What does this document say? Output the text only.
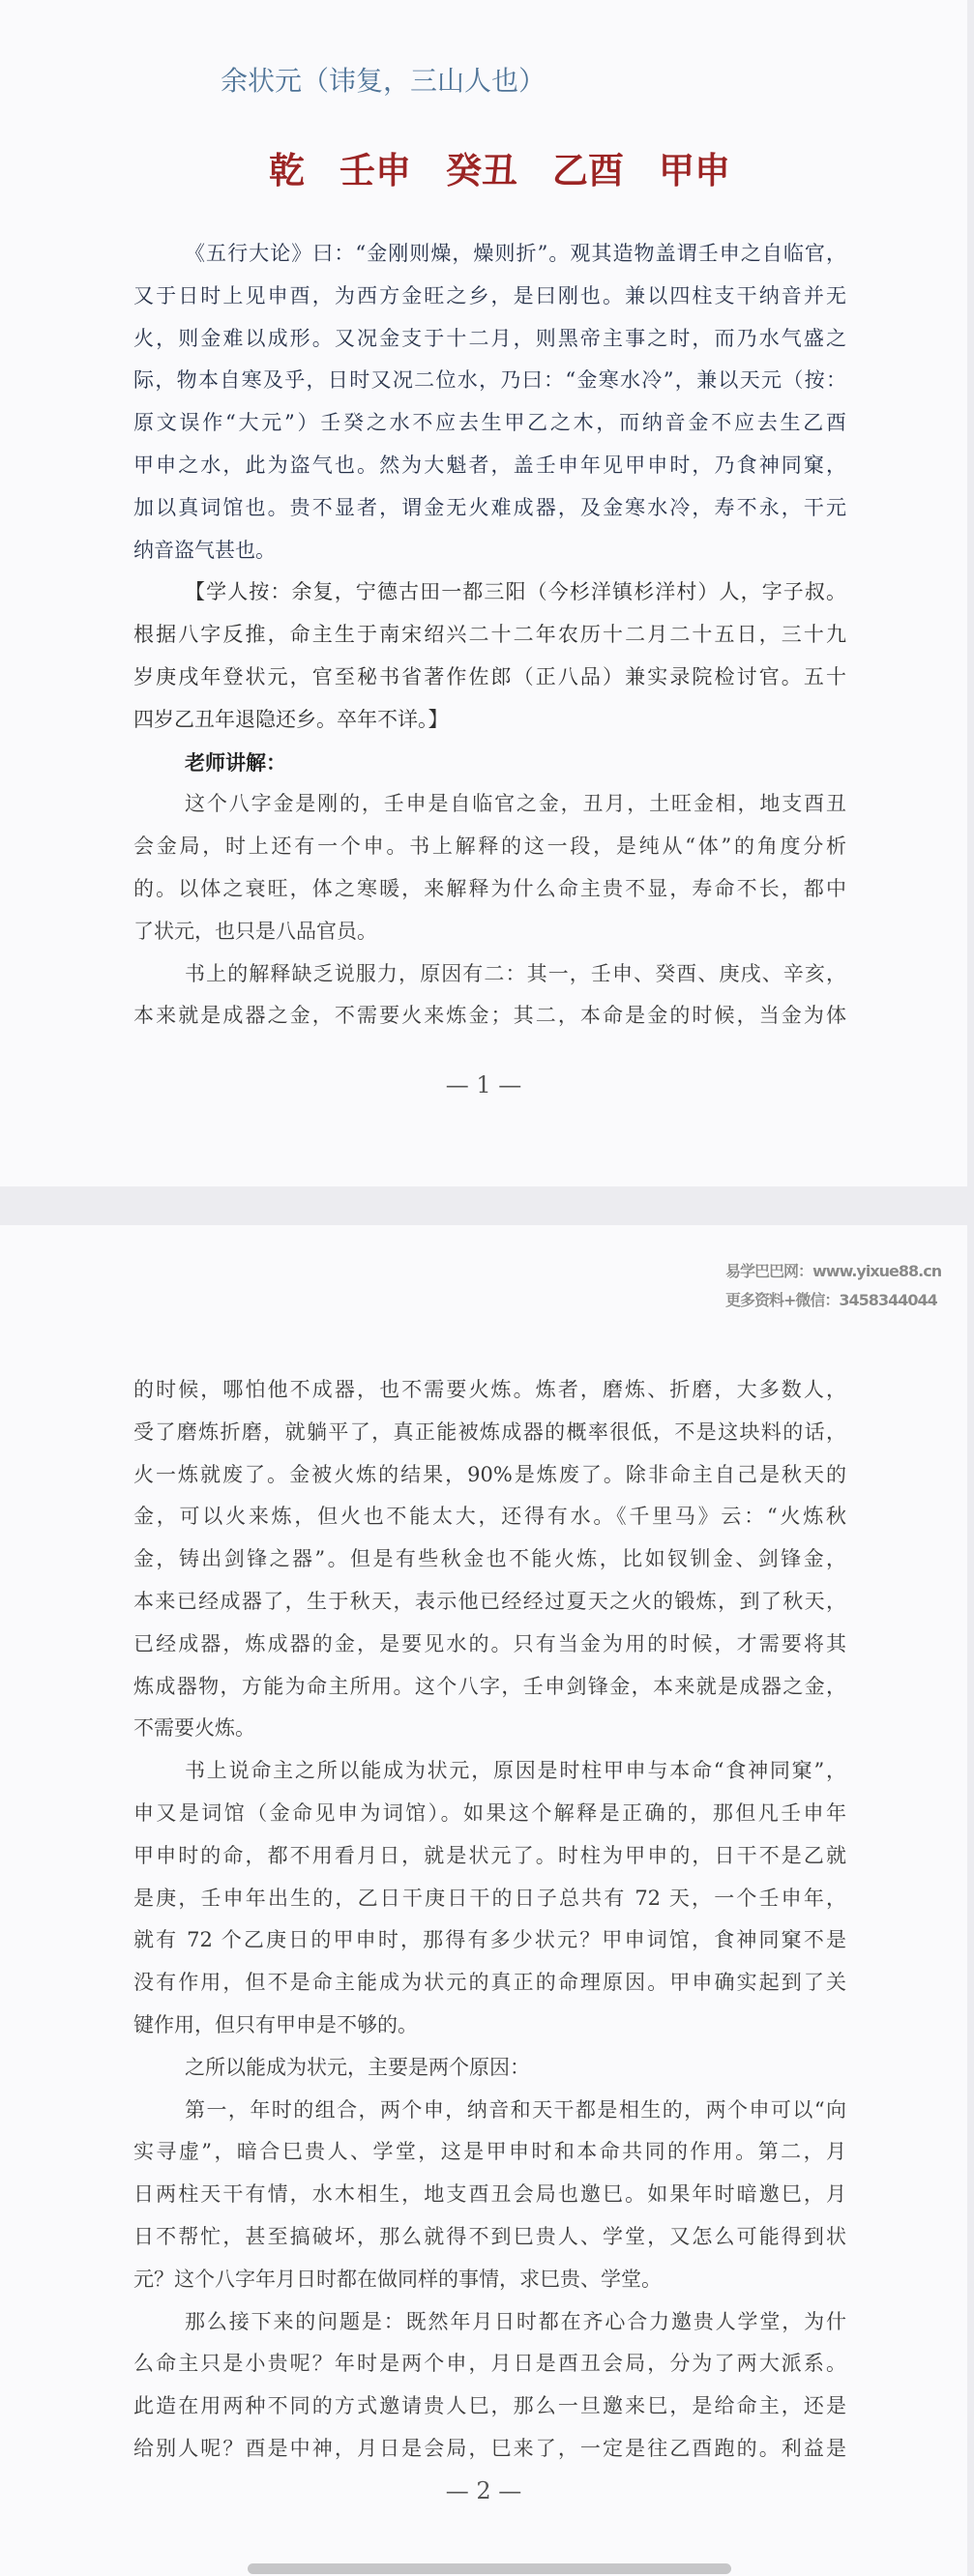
余状元（讳复，三山人也）
乾 壬申 癸丑 乙酉 甲申
《五行大论》曰：“金刚则燥，燥则折”。观其造物盖谓壬申之自临官，
又于日时上见申酉，为西方金旺之乡，是曰刚也。兼以四柱支干纳音并无
火，则金难以成形。又况金支于十二月，则黑帝主事之时，而乃水气盛之
际，物本自寒及乎，日时又况二位水，乃曰：“金寒水冷”，兼以天元（按：
原文误作“大元”）壬癸之水不应去生甲乙之木，而纳音金不应去生乙酉
甲申之水，此为盗气也。然为大魁者，盖壬申年见甲申时，乃食神同窠，
加以真词馆也。贵不显者，谓金无火难成器，及金寒水冷，寿不永，干元
纳音盗气甚也。
【学人按：余复，宁德古田一都三阳（今杉洋镇杉洋村）人，字子叔。
根据八字反推，命主生于南宋绍兴二十二年农历十二月二十五日，三十九
岁庚戌年登状元，官至秘书省著作佐郎（正八品）兼实录院检讨官。五十
四岁乙丑年退隐还乡。卒年不详。】
老师讲解：
这个八字金是刚的，壬申是自临官之金，丑月，土旺金相，地支酉丑
会金局，时上还有一个申。书上解释的这一段，是纯从“体”的角度分析
的。以体之衰旺，体之寒暖，来解释为什么命主贵不显，寿命不长，都中
了状元，也只是八品官员。
书上的解释缺乏说服力，原因有二：其一，壬申、癸酉、庚戌、辛亥，
本来就是成器之金，不需要火来炼金；其二，本命是金的时候，当金为体
— 1 —
的时候，哪怕他不成器，也不需要火炼。炼者，磨炼、折磨，大多数人，
受了磨炼折磨，就躺平了，真正能被炼成器的概率很低，不是这块料的话，
火一炼就废了。金被火炼的结果，90%是炼废了。除非命主自己是秋天的
金，可以火来炼，但火也不能太大，还得有水。《千里马》云：“火炼秋
金，铸出剑锋之器”。但是有些秋金也不能火炼，比如钗钏金、剑锋金，
本来已经成器了，生于秋天，表示他已经经过夏天之火的锻炼，到了秋天，
已经成器，炼成器的金，是要见水的。只有当金为用的时候，才需要将其
炼成器物，方能为命主所用。这个八字，壬申剑锋金，本来就是成器之金，
不需要火炼。
书上说命主之所以能成为状元，原因是时柱甲申与本命“食神同窠”，
申又是词馆（金命见申为词馆）。如果这个解释是正确的，那但凡壬申年
甲申时的命，都不用看月日，就是状元了。时柱为甲申的，日干不是乙就
是庚，壬申年出生的，乙日干庚日干的日子总共有 72 天，一个壬申年，
就有 72 个乙庚日的甲申时，那得有多少状元？甲申词馆，食神同窠不是
没有作用，但不是命主能成为状元的真正的命理原因。甲申确实起到了关
键作用，但只有甲申是不够的。
之所以能成为状元，主要是两个原因：
第一，年时的组合，两个申，纳音和天干都是相生的，两个申可以“向
实寻虚”，暗合巳贵人、学堂，这是甲申时和本命共同的作用。第二，月
日两柱天干有情，水木相生，地支酉丑会局也邀巳。如果年时暗邀巳，月
日不帮忙，甚至搞破坏，那么就得不到巳贵人、学堂，又怎么可能得到状
元？这个八字年月日时都在做同样的事情，求巳贵、学堂。
那么接下来的问题是：既然年月日时都在齐心合力邀贵人学堂，为什
么命主只是小贵呢？年时是两个申，月日是酉丑会局，分为了两大派系。
此造在用两种不同的方式邀请贵人巳，那么一旦邀来巳，是给命主，还是
给别人呢？酉是中神，月日是会局，巳来了，一定是往乙酉跑的。利益是
— 2 —
易学巴巴网：www.yixue88.cn
更多资料+微信：3458344044
